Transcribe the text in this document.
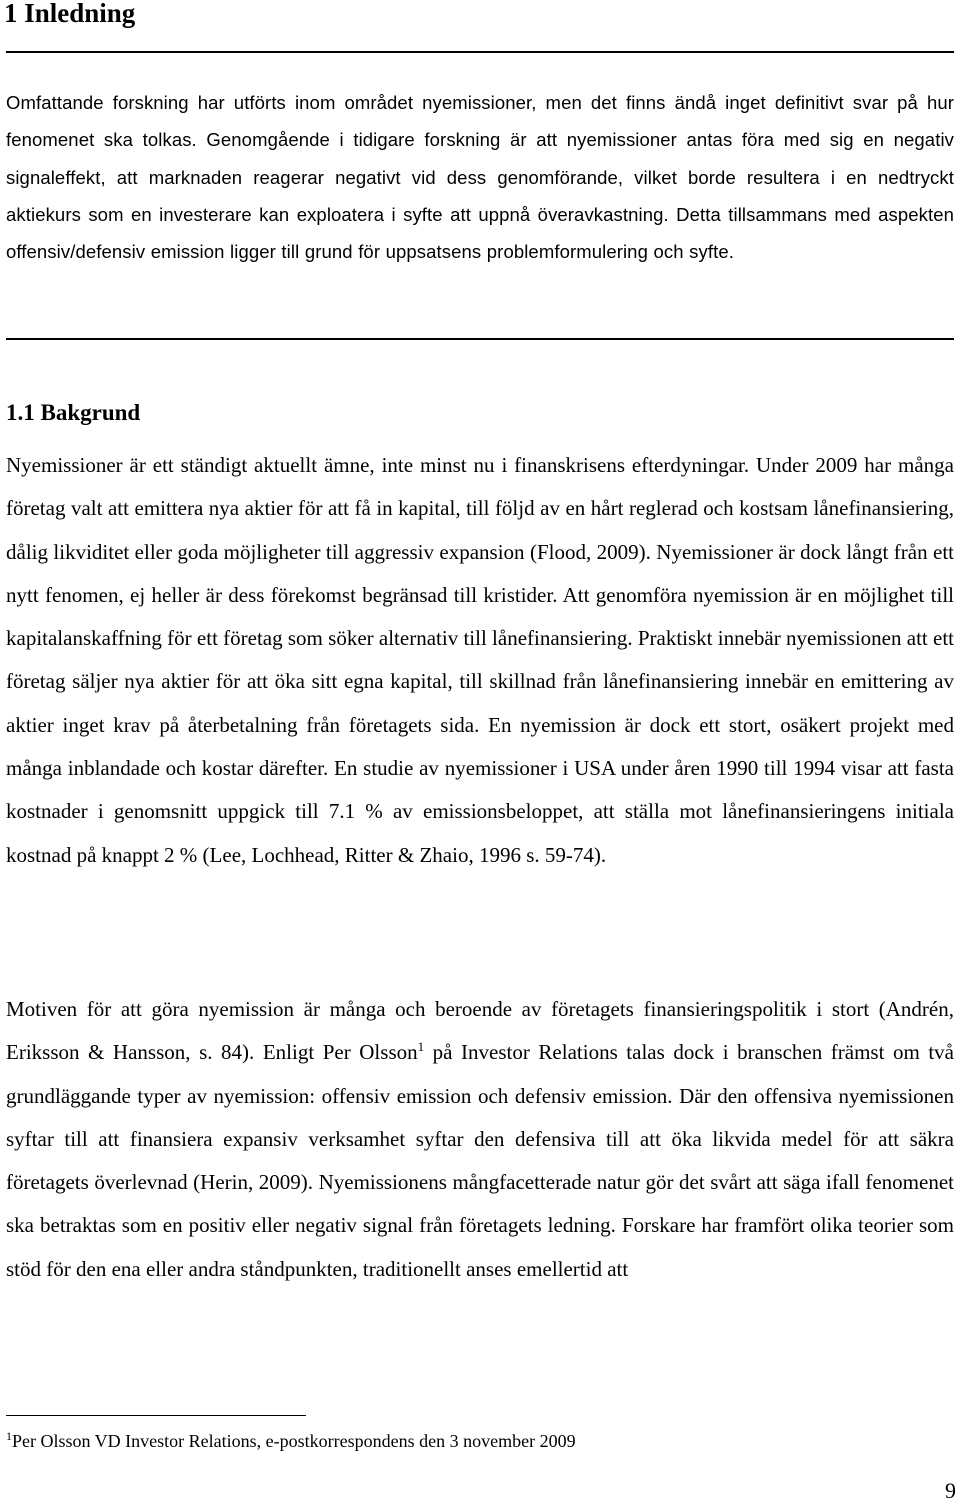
1 Inledning

Omfattande forskning har utförts inom området nyemissioner, men det finns ändå inget definitivt svar på hur fenomenet ska tolkas. Genomgående i tidigare forskning är att nyemissioner antas föra med sig en negativ signaleffekt, att marknaden reagerar negativt vid dess genomförande, vilket borde resultera i en nedtryckt aktiekurs som en investerare kan exploatera i syfte att uppnå överavkastning. Detta tillsammans med aspekten offensiv/defensiv emission ligger till grund för uppsatsens problemformulering och syfte.

1.1 Bakgrund

Nyemissioner är ett ständigt aktuellt ämne, inte minst nu i finanskrisens efterdyningar. Under 2009 har många företag valt att emittera nya aktier för att få in kapital, till följd av en hårt reglerad och kostsam lånefinansiering, dålig likviditet eller goda möjligheter till aggressiv expansion (Flood, 2009). Nyemissioner är dock långt från ett nytt fenomen, ej heller är dess förekomst begränsad till kristider. Att genomföra nyemission är en möjlighet till kapitalanskaffning för ett företag som söker alternativ till lånefinansiering. Praktiskt innebär nyemissionen att ett företag säljer nya aktier för att öka sitt egna kapital, till skillnad från lånefinansiering innebär en emittering av aktier inget krav på återbetalning från företagets sida. En nyemission är dock ett stort, osäkert projekt med många inblandade och kostar därefter. En studie av nyemissioner i USA under åren 1990 till 1994 visar att fasta kostnader i genomsnitt uppgick till 7.1 % av emissionsbeloppet, att ställa mot lånefinansieringens initiala kostnad på knappt 2 % (Lee, Lochhead, Ritter & Zhaio, 1996 s. 59-74).

Motiven för att göra nyemission är många och beroende av företagets finansieringspolitik i stort (Andrén, Eriksson & Hansson, s. 84). Enligt Per Olsson$^1$ på Investor Relations talas dock i branschen främst om två grundläggande typer av nyemission: offensiv emission och defensiv emission. Där den offensiva nyemissionen syftar till att finansiera expansiv verksamhet syftar den defensiva till att öka likvida medel för att säkra företagets överlevnad (Herin, 2009). Nyemissionens mångfacetterade natur gör det svårt att säga ifall fenomenet ska betraktas som en positiv eller negativ signal från företagets ledning. Forskare har framfört olika teorier som stöd för den ena eller andra ståndpunkten, traditionellt anses emellertid att

$^1$Per Olsson VD Investor Relations, e-postkorrespondens den 3 november 2009

9
